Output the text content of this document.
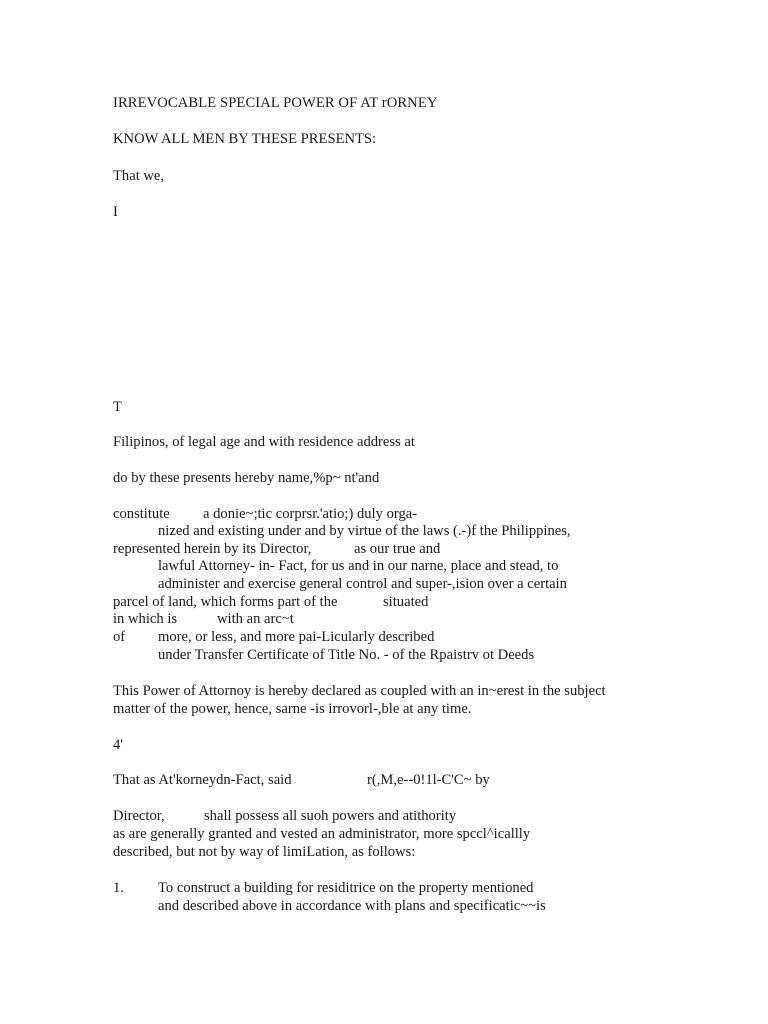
IRREVOCABLE SPECIAL POWER OF AT rORNEY
KNOW ALL MEN BY THESE PRESENTS:
That we,
I
T
Filipinos, of legal age and with residence address at
do by these presents hereby name,%p~ nt'and
constitute a donie~;tic corprsr.'atio;) duly orga-
nized and existing under and by virtue of the laws (.-)f the Philippines,
represented herein by its Director,	as our true and
lawful Attorney- in- Fact, for us and in our narne, place and stead, to
administer and exercise general control and super-,ision over a certain
parcel of land, which forms part of the	situated
in which is	with an arc~t
of more, or less, and more pai-Licularly described
under Transfer Certificate of Title No. - of the Rpaistrv ot Deeds
This Power of Attornoy is hereby declared as coupled with an in~erest in the subject
matter of the power, hence, sarne -is irrovorl-,ble at any time.
4'
That as At'korneydn-Fact, said	r(,M,e--0!1l-C'C~ by
Director,	shall possess all suoh powers and atithority
as are generally granted and vested an administrator, more spccl^icallly
described, but not by way of limiLation, as follows:
1. To construct a building for residitrice on the property mentioned
and described above in accordance with plans and specificatic~~is
